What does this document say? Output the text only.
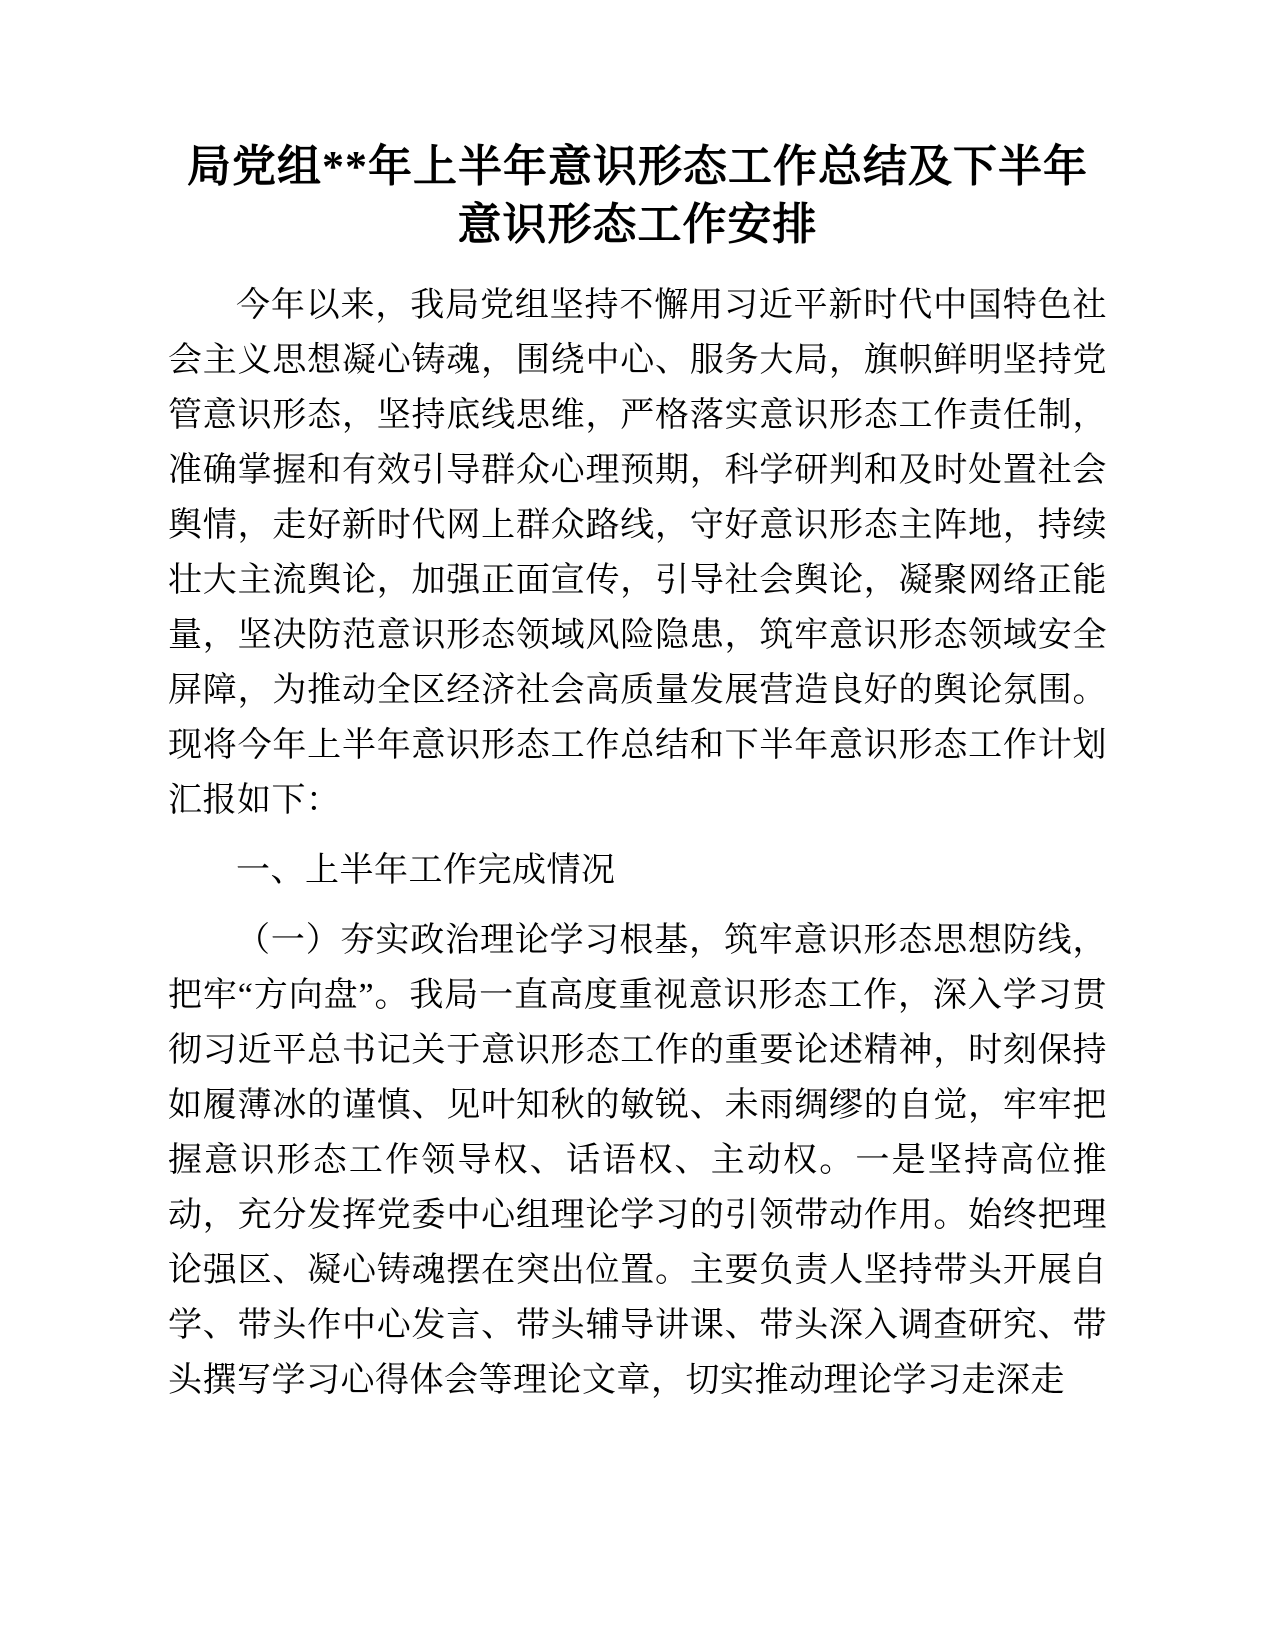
局党组**年上半年意识形态工作总结及下半年意识形态工作安排

今年以来，我局党组坚持不懈用习近平新时代中国特色社会主义思想凝心铸魂，围绕中心、服务大局，旗帜鲜明坚持党管意识形态，坚持底线思维，严格落实意识形态工作责任制，准确掌握和有效引导群众心理预期，科学研判和及时处置社会舆情，走好新时代网上群众路线，守好意识形态主阵地，持续壮大主流舆论，加强正面宣传，引导社会舆论，凝聚网络正能量，坚决防范意识形态领域风险隐患，筑牢意识形态领域安全屏障，为推动全区经济社会高质量发展营造良好的舆论氛围。现将今年上半年意识形态工作总结和下半年意识形态工作计划汇报如下：

一、上半年工作完成情况

（一）夯实政治理论学习根基，筑牢意识形态思想防线，把牢“方向盘”。我局一直高度重视意识形态工作，深入学习贯彻习近平总书记关于意识形态工作的重要论述精神，时刻保持如履薄冰的谨慎、见叶知秋的敏锐、未雨绸缪的自觉，牢牢把握意识形态工作领导权、话语权、主动权。一是坚持高位推动，充分发挥党委中心组理论学习的引领带动作用。始终把理论强区、凝心铸魂摆在突出位置。主要负责人坚持带头开展自学、带头作中心发言、带头辅导讲课、带头深入调查研究、带头撰写学习心得体会等理论文章，切实推动理论学习走深走
